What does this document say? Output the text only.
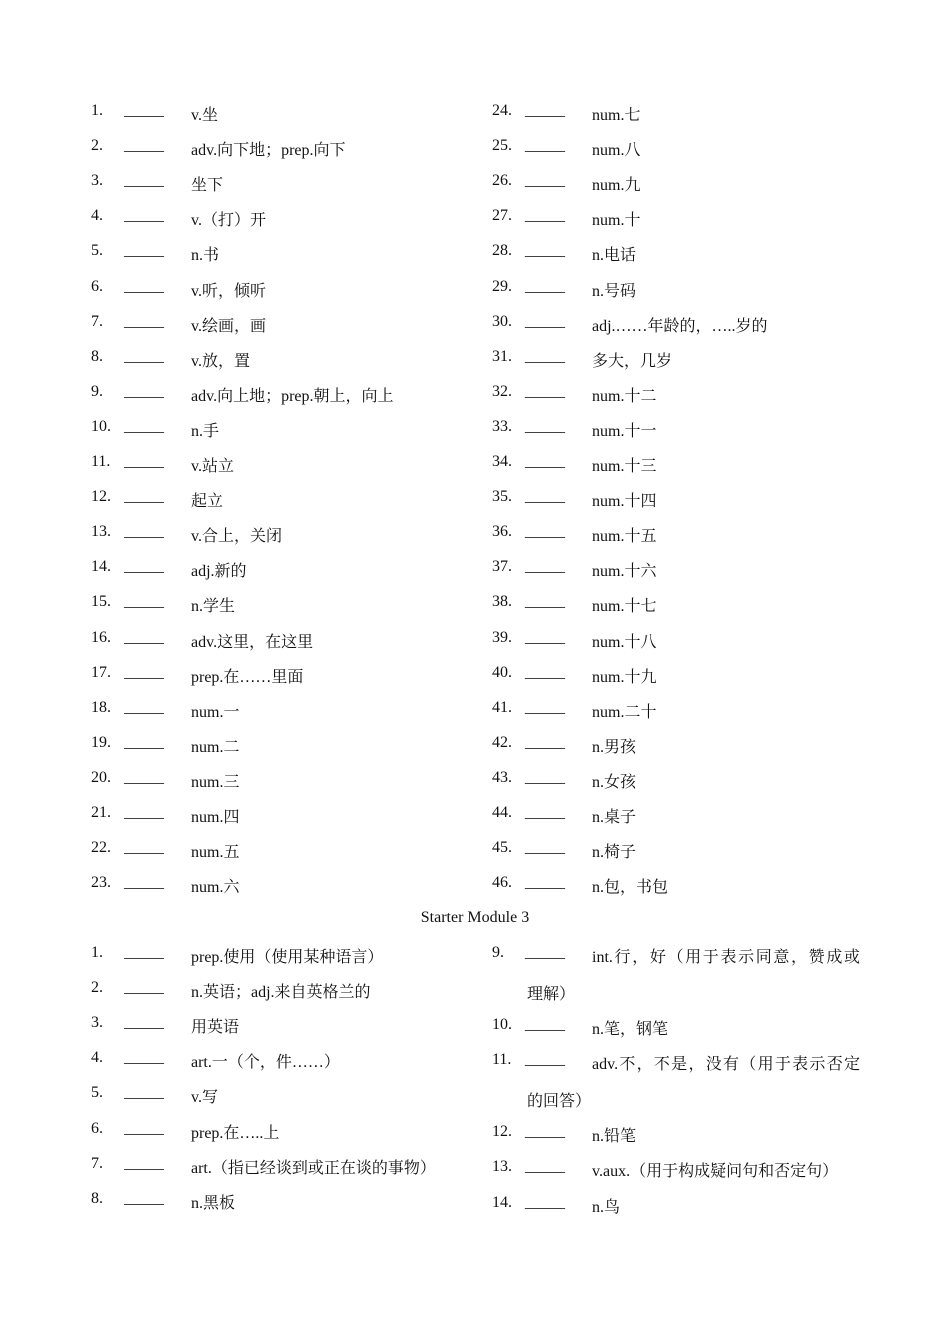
1. _____ v.坐
2. _____ adv.向下地；prep.向下
3. _____ 坐下
4. _____ v.（打）开
5. _____ n.书
6. _____ v.听，倾听
7. _____ v.绘画，画
8. _____ v.放，置
9. _____ adv.向上地；prep.朝上，向上
10. _____ n.手
11. _____ v.站立
12. _____ 起立
13. _____ v.合上，关闭
14. _____ adj.新的
15. _____ n.学生
16. _____ adv.这里，在这里
17. _____ prep.在……里面
18. _____ num.一
19. _____ num.二
20. _____ num.三
21. _____ num.四
22. _____ num.五
23. _____ num.六
24. _____ num.七
25. _____ num.八
26. _____ num.九
27. _____ num.十
28. _____ n.电话
29. _____ n.号码
30. _____ adj.……年龄的，…..岁的
31. _____ 多大，几岁
32. _____ num.十二
33. _____ num.十一
34. _____ num.十三
35. _____ num.十四
36. _____ num.十五
37. _____ num.十六
38. _____ num.十七
39. _____ num.十八
40. _____ num.十九
41. _____ num.二十
42. _____ n.男孩
43. _____ n.女孩
44. _____ n.桌子
45. _____ n.椅子
46. _____ n.包，书包
Starter Module 3
1. _____ prep.使用（使用某种语言）
2. _____ n.英语；adj.来自英格兰的
3. _____ 用英语
4. _____ art.一（个，件……）
5. _____ v.写
6. _____ prep.在…..上
7. _____ art.（指已经谈到或正在谈的事物）
8. _____ n.黑板
9. _____ int.行，好（用于表示同意，赞成或
理解）
10. _____ n.笔，钢笔
11. _____ adv.不，不是，没有（用于表示否定
的回答）
12. _____ n.铅笔
13. _____ v.aux.（用于构成疑问句和否定句）
14. _____ n.鸟
